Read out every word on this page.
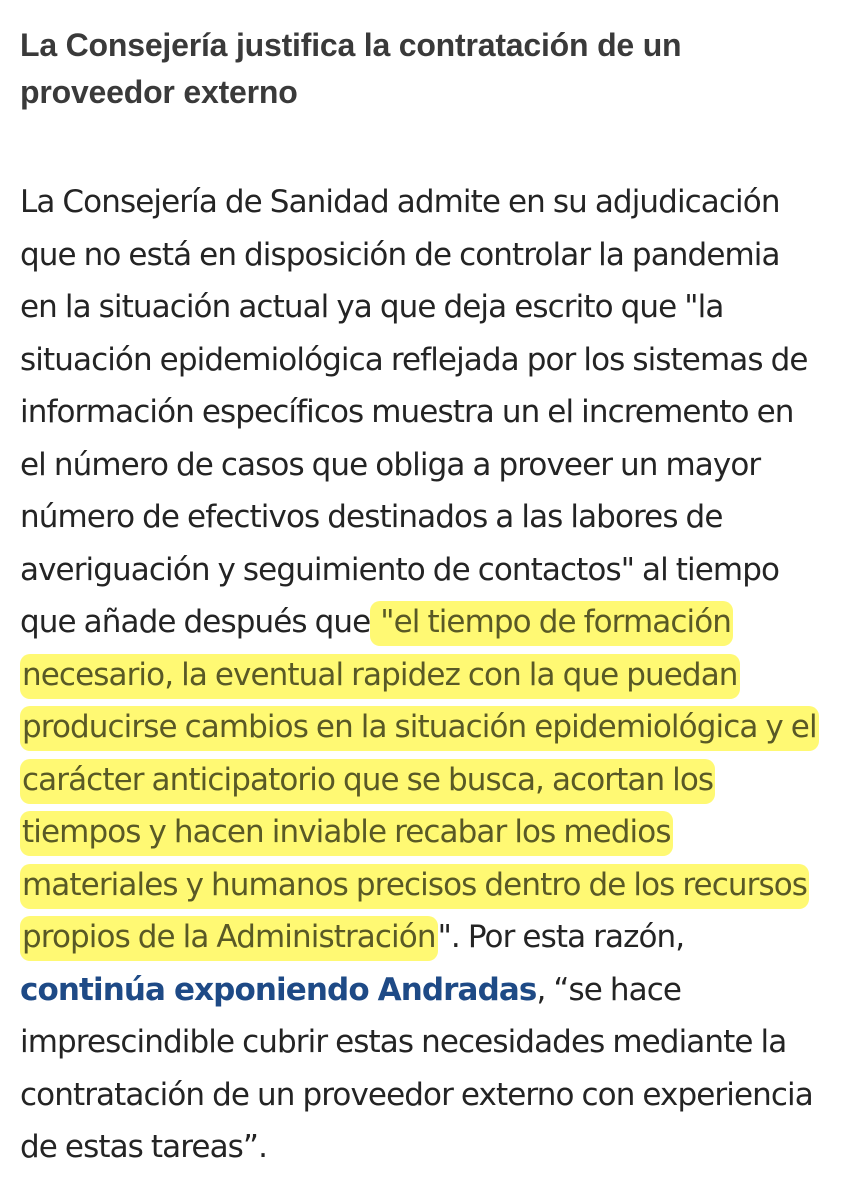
La Consejería justifica la contratación de un proveedor externo

La Consejería de Sanidad admite en su adjudicación que no está en disposición de controlar la pandemia en la situación actual ya que deja escrito que "la situación epidemiológica reflejada por los sistemas de información específicos muestra un el incremento en el número de casos que obliga a proveer un mayor número de efectivos destinados a las labores de averiguación y seguimiento de contactos" al tiempo que añade después que "el tiempo de formación necesario, la eventual rapidez con la que puedan producirse cambios en la situación epidemiológica y el carácter anticipatorio que se busca, acortan los tiempos y hacen inviable recabar los medios materiales y humanos precisos dentro de los recursos propios de la Administración". Por esta razón, continúa exponiendo Andradas, “se hace imprescindible cubrir estas necesidades mediante la contratación de un proveedor externo con experiencia de estas tareas”.
